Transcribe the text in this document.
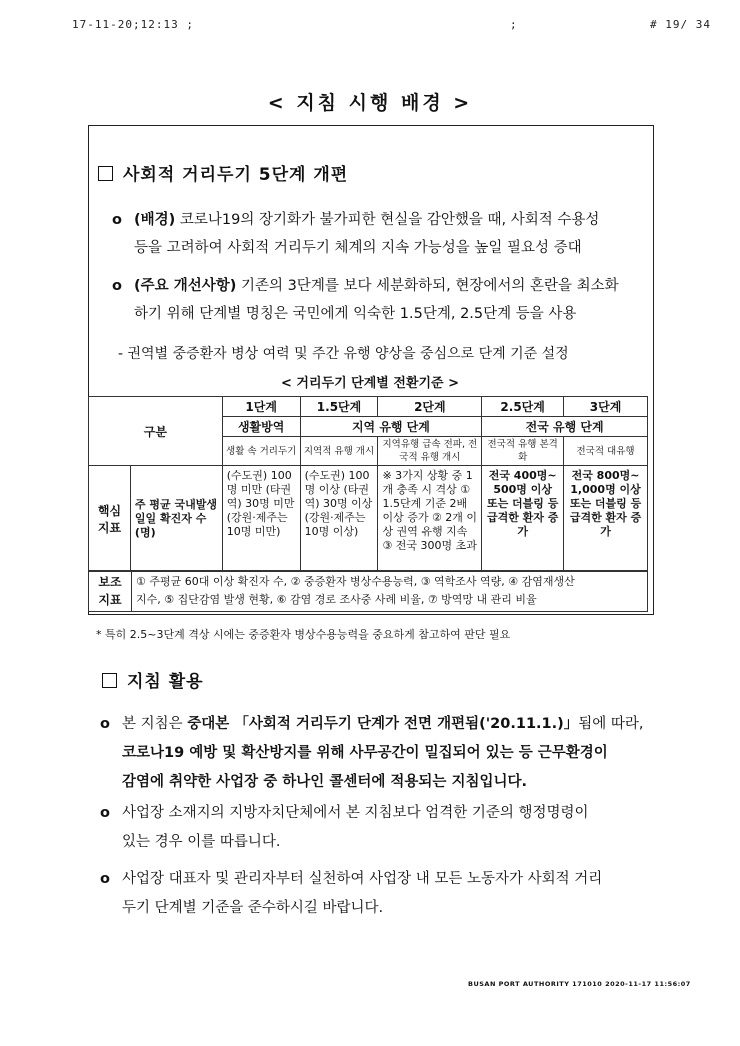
17-11-20;12:13 ;	;	# 19/ 34
< 지침 시행 배경 >
사회적 거리두기 5단계 개편
o (배경) 코로나19의 장기화가 불가피한 현실을 감안했을 때, 사회적 수용성
등을 고려하여 사회적 거리두기 체계의 지속 가능성을 높일 필요성 증대
o (주요 개선사항) 기존의 3단계를 보다 세분화하되, 현장에서의 혼란을 최소화
하기 위해 단계별 명칭은 국민에게 익숙한 1.5단계, 2.5단계 등을 사용
- 권역별 중증환자 병상 여력 및 주간 유행 양상을 중심으로 단계 기준 설정
< 거리두기 단계별 전환기준 >
구분		1단계	1.5단계	2단계	2.5단계	3단계
		생활방역	지역 유행 단계		전국 유행 단계	
		생활 속 거리두기	지역적 유행 개시	지역유행 급속 전파, 전국적 유행 개시	전국적 유행 본격화	전국적 대유행
핵심 지표	주 평균 국내발생 일일 확진자 수(명)	(수도권) 100명 미만 (타권역) 30명 미만 (강원·제주는 10명 미만)	(수도권) 100명 이상 (타권역) 30명 이상 (강원·제주는 10명 이상)	※ 3가지 상황 중 1개 충족 시 격상 ① 1.5단계 기준 2배 이상 증가 ② 2개 이상 권역 유행 지속 ③ 전국 300명 초과	전국 400명~ 500명 이상 또는 더블링 등 급격한 환자 증가	전국 800명~ 1,000명 이상 또는 더블링 등 급격한 환자 증가
보조 지표	① 주평균 60대 이상 확진자 수, ② 중증환자 병상수용능력, ③ 역학조사 역량, ④ 감염재생산
지수, ⑤ 집단감염 발생 현황, ⑥ 감염 경로 조사중 사례 비율, ⑦ 방역망 내 관리 비율
* 특히 2.5~3단계 격상 시에는 중증환자 병상수용능력을 중요하게 참고하여 판단 필요
지침 활용
o 본 지침은 중대본 「사회적 거리두기 단계가 전면 개편됨('20.11.1.)」됨에 따라,
코로나19 예방 및 확산방지를 위해 사무공간이 밀집되어 있는 등 근무환경이
감염에 취약한 사업장 중 하나인 콜센터에 적용되는 지침입니다.
o 사업장 소재지의 지방자치단체에서 본 지침보다 엄격한 기준의 행정명령이
있는 경우 이를 따릅니다.
o 사업장 대표자 및 관리자부터 실천하여 사업장 내 모든 노동자가 사회적 거리
두기 단계별 기준을 준수하시길 바랍니다.
BUSAN PORT AUTHORITY 171010 2020-11-17 11:56:07
